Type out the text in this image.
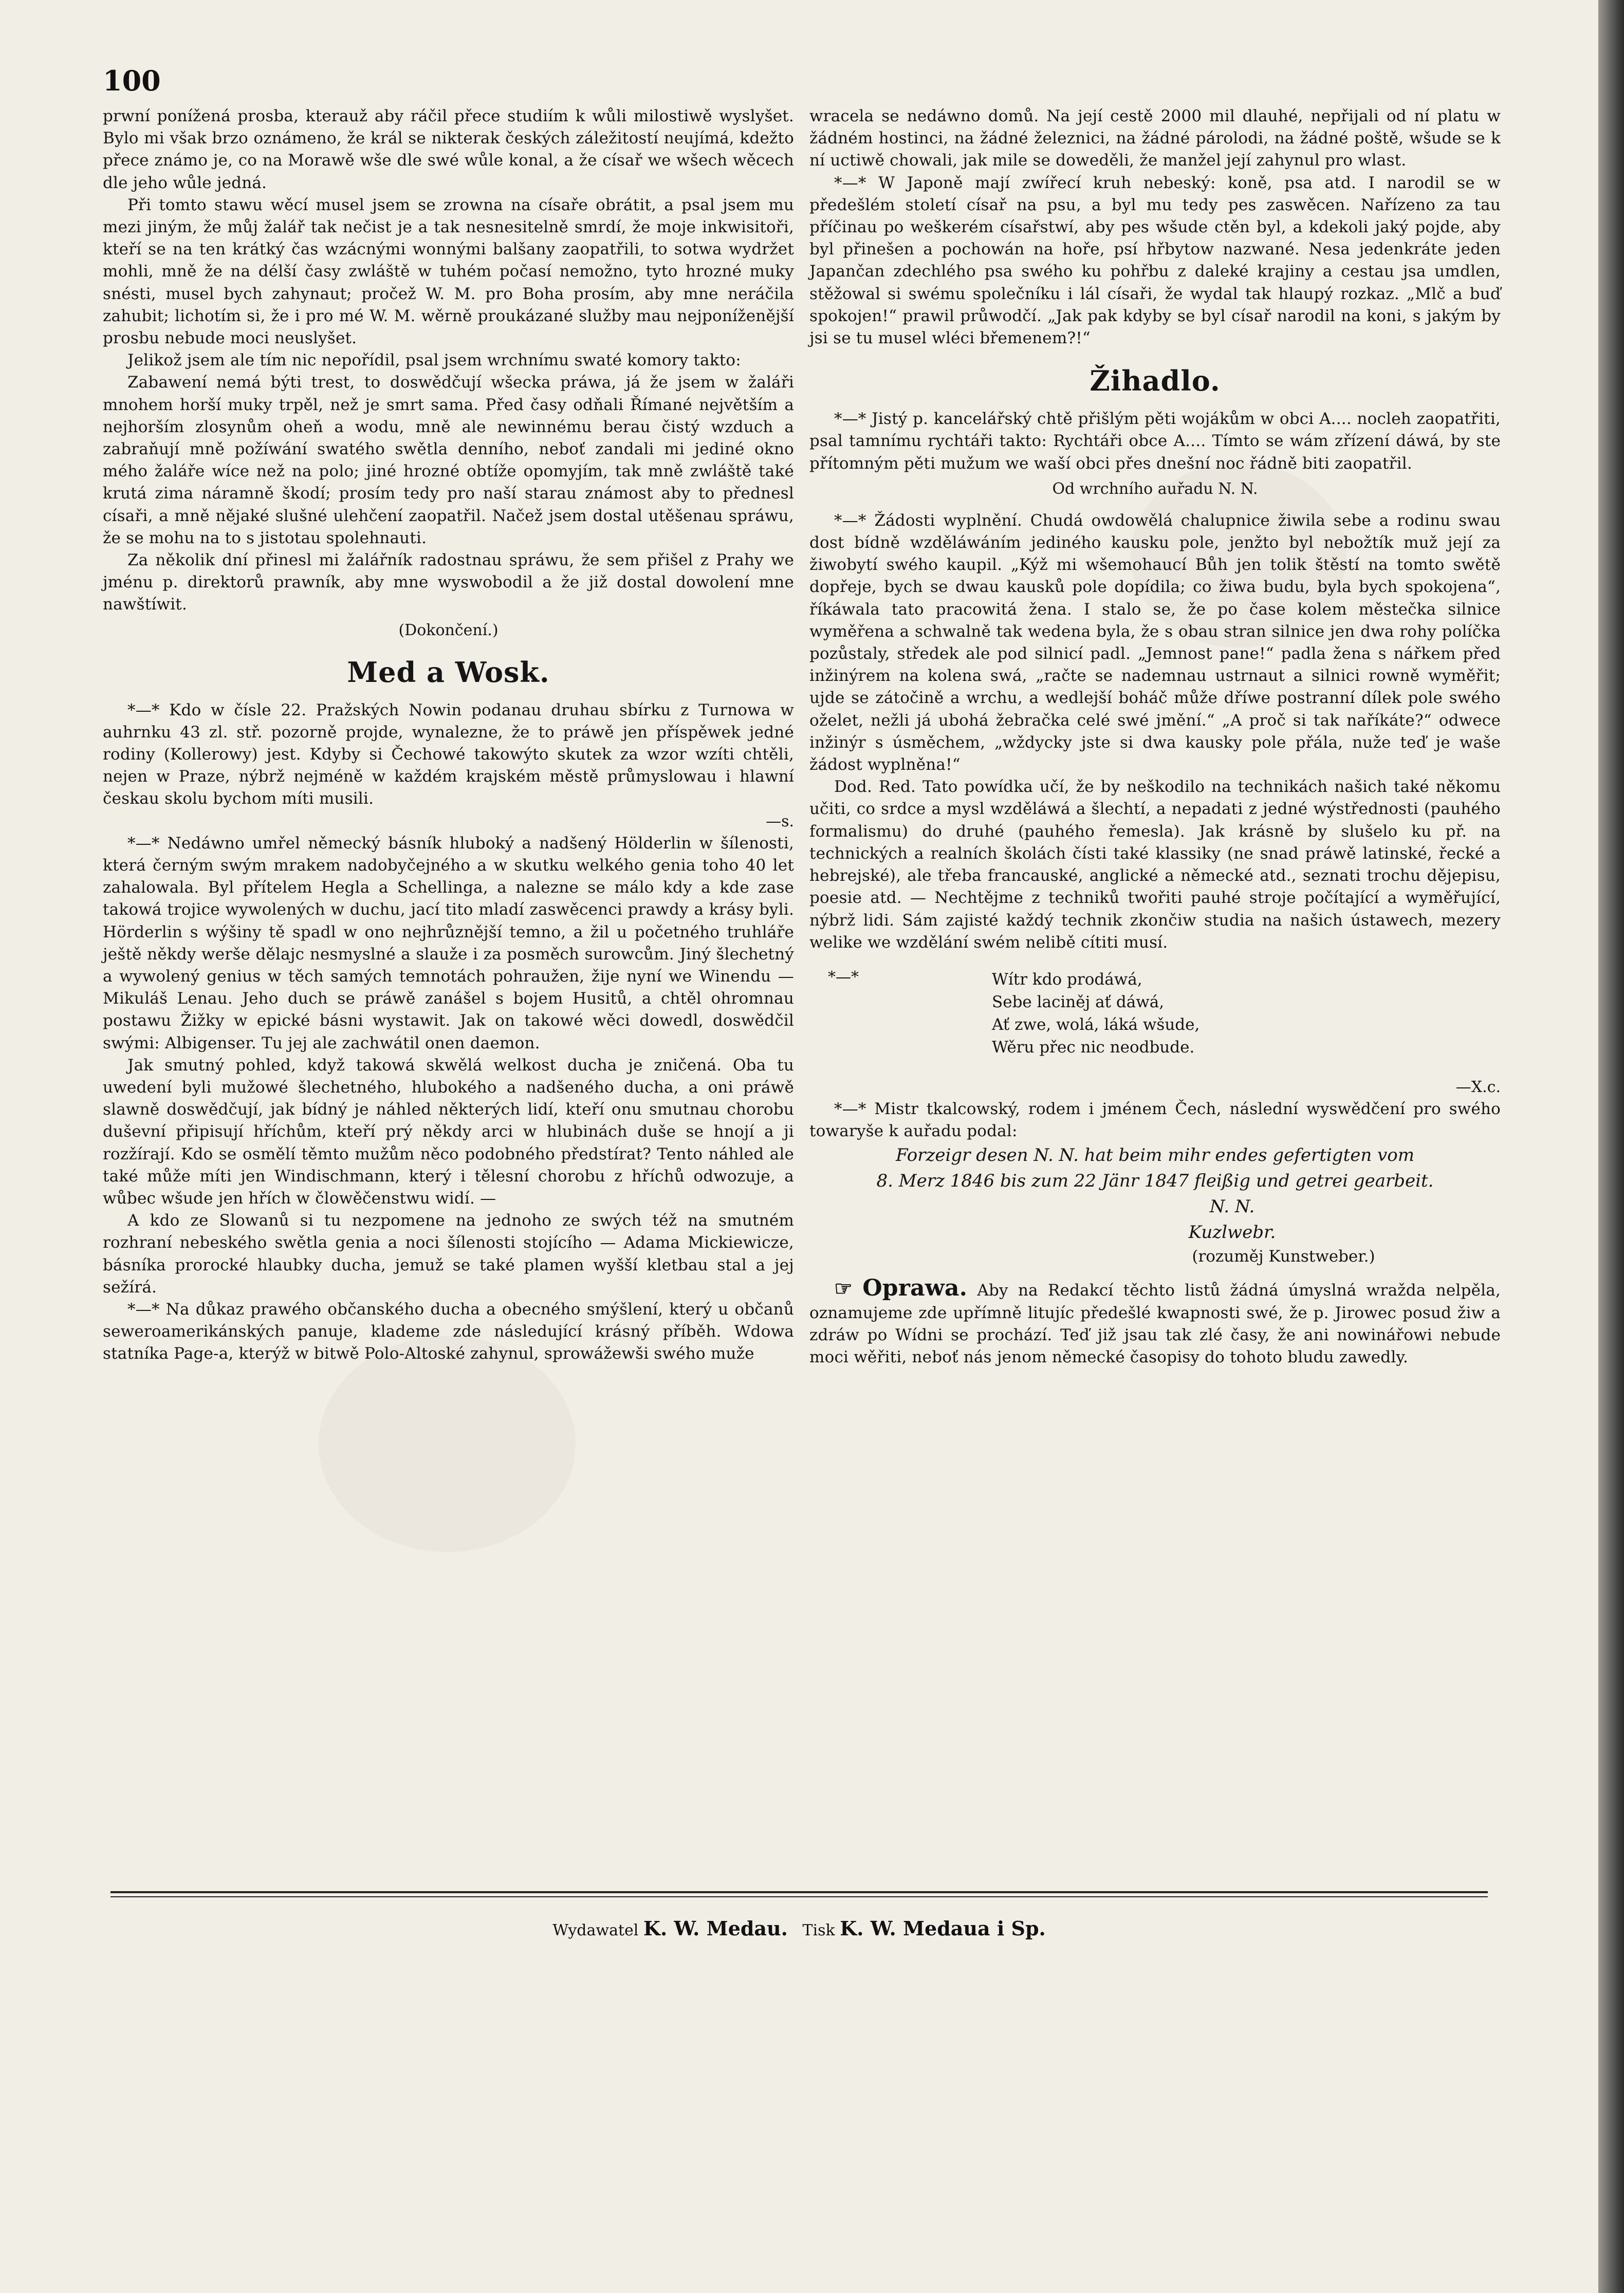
100

prwní ponížená prosba, kterauž aby ráčil přece studiím k wůli milostiwě wyslyšet. Bylo mi však brzo oznámeno, že král se nikterak českých záležitostí neujímá, kdežto přece známo je, co na Morawě wše dle swé wůle konal, a že císař we wšech wěcech dle jeho wůle jedná.

Při tomto stawu wěcí musel jsem se zrowna na císaře obrátit, a psal jsem mu mezi jiným, že můj žalář tak nečist je a tak nesnesitelně smrdí, že moje inkwisitoři, kteří se na ten krátký čas wzácnými wonnými balšany zaopatřili, to sotwa wydržet mohli, mně že na délší časy zwláště w tuhém počasí nemožno, tyto hrozné muky snésti, musel bych zahynaut; pročež W. M. pro Boha prosím, aby mne neráčila zahubit; lichotím si, že i pro mé W. M. wěrně proukázané služby mau nejponíženější prosbu nebude moci neuslyšet.

Jelikož jsem ale tím nic nepořídil, psal jsem wrchnímu swaté komory takto:

Zabawení nemá býti trest, to doswědčují wšecka práwa, já že jsem w žaláři mnohem horší muky trpěl, než je smrt sama. Před časy odňali Římané největším a nejhorším zlosynům oheň a wodu, mně ale newinnému berau čistý wzduch a zabraňují mně požíwání swatého swětla denního, neboť zandali mi jediné okno mého žaláře wíce než na polo; jiné hrozné obtíže opomyjím, tak mně zwláště také krutá zima náramně škodí; prosím tedy pro naší starau známost aby to přednesl císaři, a mně nějaké slušné ulehčení zaopatřil. Načež jsem dostal utěšenau spráwu, že se mohu na to s jistotau spolehnauti.

Za několik dní přinesl mi žalářník radostnau spráwu, že sem přišel z Prahy we jménu p. direktorů prawník, aby mne wyswobodil a že již dostal dowolení mne nawštíwit.

(Dokončení.)
Med a Wosk.

*—* Kdo w čísle 22. Pražských Nowin podanau druhau sbírku z Turnowa w auhrnku 43 zl. stř. pozorně projde, wynalezne, že to práwě jen příspěwek jedné rodiny (Kollerowy) jest. Kdyby si Čechowé takowýto skutek za wzor wzíti chtěli, nejen w Praze, nýbrž nejméně w každém krajském městě průmyslowau i hlawní českau skolu bychom míti musili.

—s.

*—* Nedáwno umřel německý básník hluboký a nadšený Hölderlin w šílenosti, která černým swým mrakem nadobyčejného a w skutku welkého genia toho 40 let zahalowala. Byl přítelem Hegla a Schellinga, a nalezne se málo kdy a kde zase takowá trojice wywolených w duchu, jací tito mladí zaswěcenci prawdy a krásy byli. Hörderlin s wýšiny tě spadl w ono nejhrůznější temno, a žil u početného truhláře ještě někdy werše dělajc nesmyslné a slauže i za posměch surowcům. Jiný šlechetný a wywolený genius w těch samých temnotách pohraužen, žije nyní we Winendu — Mikuláš Lenau. Jeho duch se práwě zanášel s bojem Husitů, a chtěl ohromnau postawu Žižky w epické básni wystawit. Jak on takowé wěci dowedl, doswědčil swými: Albigenser. Tu jej ale zachwátil onen daemon.

Jak smutný pohled, když takowá skwělá welkost ducha je zničená. Oba tu uwedení byli mužowé šlechetného, hlubokého a nadšeného ducha, a oni práwě slawně doswědčují, jak bídný je náhled některých lidí, kteří onu smutnau chorobu duševní připisují hříchům, kteří prý někdy arci w hlubinách duše se hnojí a ji rozžírají. Kdo se osmělí těmto mužům něco podobného předstírat? Tento náhled ale také může míti jen Windischmann, který i tělesní chorobu z hříchů odwozuje, a wůbec wšude jen hřích w člowěčenstwu widí. —

A kdo ze Slowanů si tu nezpomene na jednoho ze swých též na smutném rozhraní nebeského swětla genia a noci šílenosti stojícího — Adama Mickiewicze, básníka prorocké hlaubky ducha, jemuž se také plamen wyšší kletbau stal a jej sežírá.

*—* Na důkaz prawého občanského ducha a obecného smýšlení, který u občanů seweroamerikánských panuje, klademe zde následující krásný příběh. Wdowa statníka Page-a, kterýž w bitwě Polo-Altoské zahynul, sprowážewši swého muže

wracela se nedáwno domů. Na její cestě 2000 mil dlauhé, nepřijali od ní platu w žádném hostinci, na žádné železnici, na žádné párolodi, na žádné poště, wšude se k ní uctiwě chowali, jak mile se doweděli, že manžel její zahynul pro wlast.

*—* W Japoně mají zwířecí kruh nebeský: koně, psa atd. I narodil se w předešlém století císař na psu, a byl mu tedy pes zaswěcen. Nařízeno za tau příčinau po weškerém císařstwí, aby pes wšude ctěn byl, a kdekoli jaký pojde, aby byl přinešen a pochowán na hoře, psí hřbytow nazwané. Nesa jedenkráte jeden Japančan zdechlého psa swého ku pohřbu z daleké krajiny a cestau jsa umdlen, stěžowal si swému společníku i lál císaři, že wydal tak hlaupý rozkaz. „Mlč a buď spokojen!“ prawil průwodčí. „Jak pak kdyby se byl císař narodil na koni, s jakým by jsi se tu musel wléci břemenem?!“

Žihadlo.

*—* Jistý p. kancelářský chtě přišlým pěti wojákům w obci A.... nocleh zaopatřiti, psal tamnímu rychtáři takto: Rychtáři obce A.... Tímto se wám zřízení dáwá, by ste přítomným pěti mužum we waší obci přes dnešní noc řádně biti zaopatřil.

Od wrchního auřadu N. N.

*—* Žádosti wyplnění. Chudá owdowělá chalupnice žiwila sebe a rodinu swau dost bídně wzděláwáním jediného kausku pole, jenžto byl nebožtík muž její za žiwobytí swého kaupil. „Kýž mi wšemohaucí Bůh jen tolik štěstí na tomto swětě dopřeje, bych se dwau kausků pole dopídila; co žiwa budu, byla bych spokojena“, říkáwala tato pracowitá žena. I stalo se, že po čase kolem městečka silnice wyměřena a schwalně tak wedena byla, že s obau stran silnice jen dwa rohy políčka pozůstaly, středek ale pod silnicí padl. „Jemnost pane!“ padla žena s nářkem před inžinýrem na kolena swá, „račte se nademnau ustrnaut a silnici rowně wyměřit; ujde se zátočině a wrchu, a wedlejší boháč může dříwe postranní dílek pole swého oželet, nežli já ubohá žebračka celé swé jmění.“ „A proč si tak naříkáte?“ odwece inžinýr s úsměchem, „wždycky jste si dwa kausky pole přála, nuže teď je waše žádost wyplněna!“

Dod. Red. Tato powídka učí, že by neškodilo na technikách našich také někomu učiti, co srdce a mysl wzděláwá a šlechtí, a nepadati z jedné wýstřednosti (pauhého formalismu) do druhé (pauhého řemesla). Jak krásně by slušelo ku př. na technických a realních školách čísti také klassiky (ne snad práwě latinské, řecké a hebrejské), ale třeba francauské, anglické a německé atd., seznati trochu dějepisu, poesie atd. — Nechtějme z techniků twořiti pauhé stroje počítající a wyměřující, nýbrž lidi. Sám zajisté každý technik zkončiw studia na našich ústawech, mezery welike we wzdělání swém nelibě cítiti musí.

*—*	Wítr kdo prodáwá,
Sebe laciněj ať dáwá,
Ať zwe, wolá, láká wšude,
Wěru přec nic neodbude.
—X.c.

*—* Mistr tkalcowský, rodem i jménem Čech, následní wyswědčení pro swého towaryše k auřadu podal:

Forzeigr desen N. N. hat beim mihr endes gefertigten vom
8. Merz 1846 bis zum 22 Jänr 1847 fleißig und getrei gearbeit.
N. N.
Kuzlwebr.
(rozuměj Kunstweber.)

☞ Oprawa. Aby na Redakcí těchto listů žádná úmyslná wražda nelpěla, oznamujeme zde upřímně litujíc předešlé kwapnosti swé, že p. Jirowec posud žiw a zdráw po Wídni se prochází. Teď již jsau tak zlé časy, že ani nowinářowi nebude moci wěřiti, neboť nás jenom německé časopisy do tohoto bludu zawedly.

Wydawatel K. W. Medau. Tisk K. W. Medaua i Sp.
